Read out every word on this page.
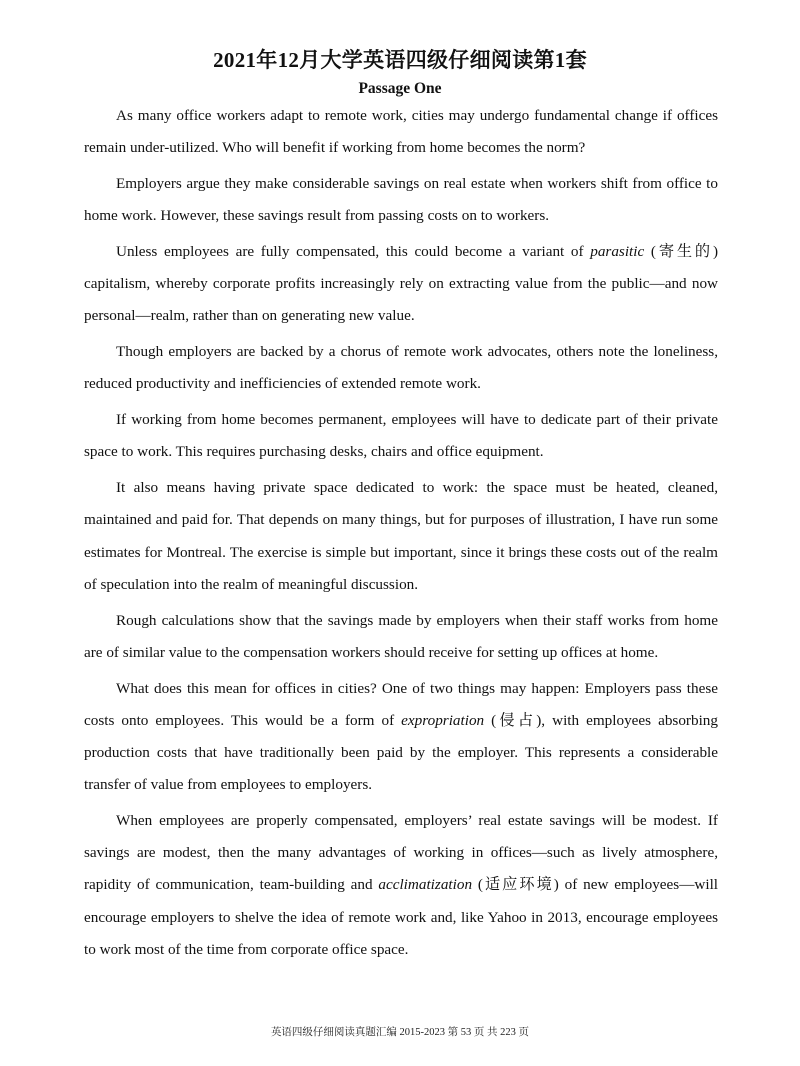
2021年12月大学英语四级仔细阅读第1套
Passage One

As many office workers adapt to remote work, cities may undergo fundamental change if offices remain under-utilized. Who will benefit if working from home becomes the norm?

Employers argue they make considerable savings on real estate when workers shift from office to home work. However, these savings result from passing costs on to workers.

Unless employees are fully compensated, this could become a variant of parasitic (寄生的) capitalism, whereby corporate profits increasingly rely on extracting value from the public—and now personal—realm, rather than on generating new value.

Though employers are backed by a chorus of remote work advocates, others note the loneliness, reduced productivity and inefficiencies of extended remote work.

If working from home becomes permanent, employees will have to dedicate part of their private space to work. This requires purchasing desks, chairs and office equipment.

It also means having private space dedicated to work: the space must be heated, cleaned, maintained and paid for. That depends on many things, but for purposes of illustration, I have run some estimates for Montreal. The exercise is simple but important, since it brings these costs out of the realm of speculation into the realm of meaningful discussion.

Rough calculations show that the savings made by employers when their staff works from home are of similar value to the compensation workers should receive for setting up offices at home.

What does this mean for offices in cities? One of two things may happen: Employers pass these costs onto employees. This would be a form of expropriation (侵占), with employees absorbing production costs that have traditionally been paid by the employer. This represents a considerable transfer of value from employees to employers.

When employees are properly compensated, employers’ real estate savings will be modest. If savings are modest, then the many advantages of working in offices—such as lively atmosphere, rapidity of communication, team-building and acclimatization (适应环境) of new employees—will encourage employers to shelve the idea of remote work and, like Yahoo in 2013, encourage employees to work most of the time from corporate office space.

英语四级仔细阅读真题汇编 2015-2023 第 53 页 共 223 页
